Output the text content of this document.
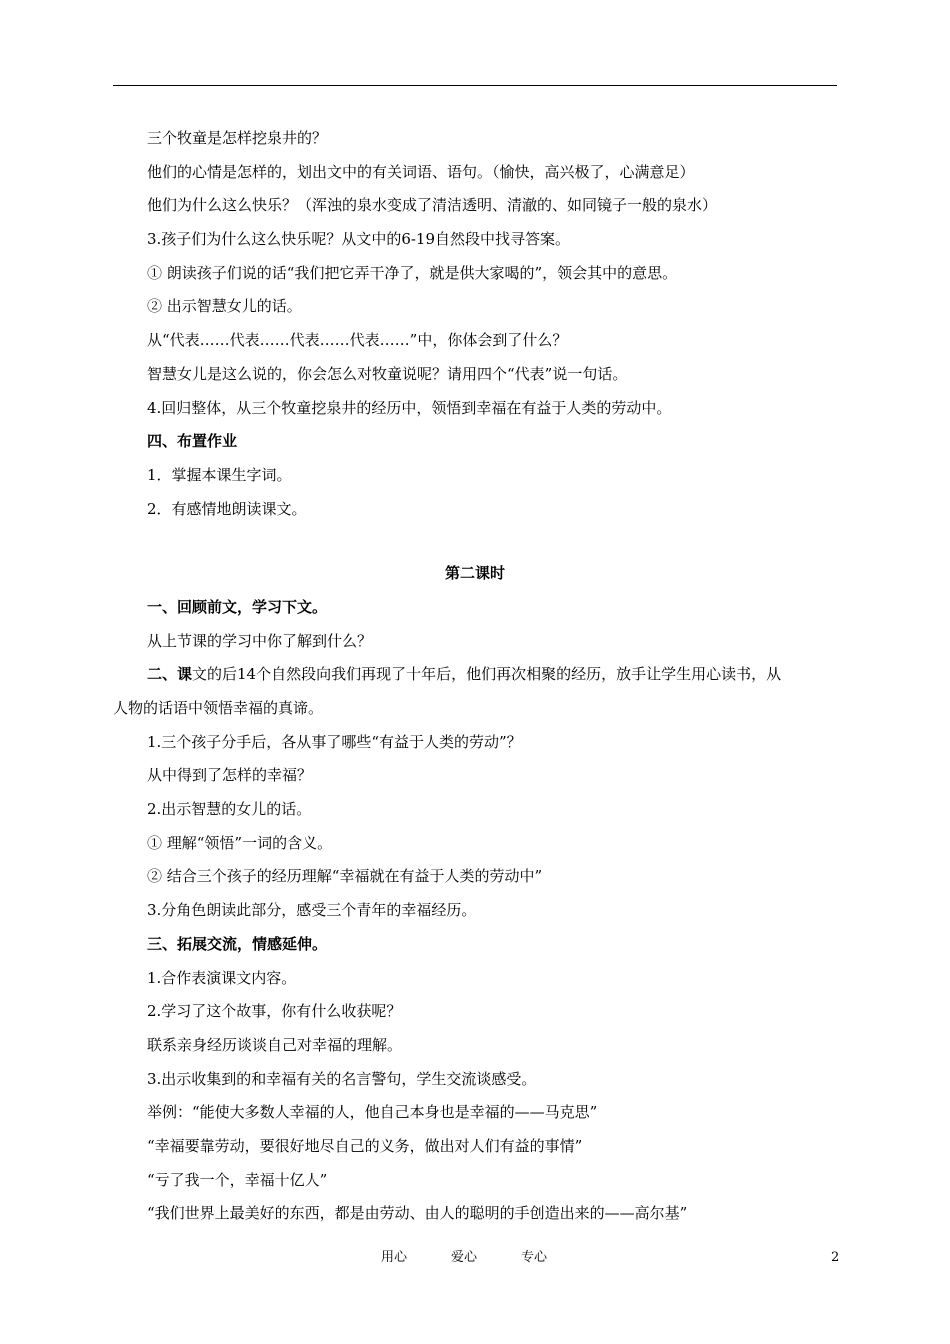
三个牧童是怎样挖泉井的？
他们的心情是怎样的，划出文中的有关词语、语句。（愉快，高兴极了，心满意足）
他们为什么这么快乐？（浑浊的泉水变成了清洁透明、清澈的、如同镜子一般的泉水）
3.孩子们为什么这么快乐呢？从文中的6-19自然段中找寻答案。
① 朗读孩子们说的话“我们把它弄干净了，就是供大家喝的”，领会其中的意思。
② 出示智慧女儿的话。
从“代表……代表……代表……代表……”中，你体会到了什么？
智慧女儿是这么说的，你会怎么对牧童说呢？请用四个“代表”说一句话。
4.回归整体，从三个牧童挖泉井的经历中，领悟到幸福在有益于人类的劳动中。
四、布置作业
1．掌握本课生字词。
2．有感情地朗读课文。
第二课时
一、回顾前文，学习下文。
从上节课的学习中你了解到什么？
二、课文的后14个自然段向我们再现了十年后，他们再次相聚的经历，放手让学生用心读书，从
人物的话语中领悟幸福的真谛。
1.三个孩子分手后，各从事了哪些“有益于人类的劳动”？
从中得到了怎样的幸福？
2.出示智慧的女儿的话。
① 理解“领悟”一词的含义。
② 结合三个孩子的经历理解“幸福就在有益于人类的劳动中”
3.分角色朗读此部分，感受三个青年的幸福经历。
三、拓展交流，情感延伸。
1.合作表演课文内容。
2.学习了这个故事，你有什么收获呢？
联系亲身经历谈谈自己对幸福的理解。
3.出示收集到的和幸福有关的名言警句，学生交流谈感受。
举例：“能使大多数人幸福的人，他自己本身也是幸福的——马克思”
“幸福要靠劳动，要很好地尽自己的义务，做出对人们有益的事情”
“亏了我一个，幸福十亿人”
“我们世界上最美好的东西，都是由劳动、由人的聪明的手创造出来的——高尔基”
用心	爱心	专心	2
